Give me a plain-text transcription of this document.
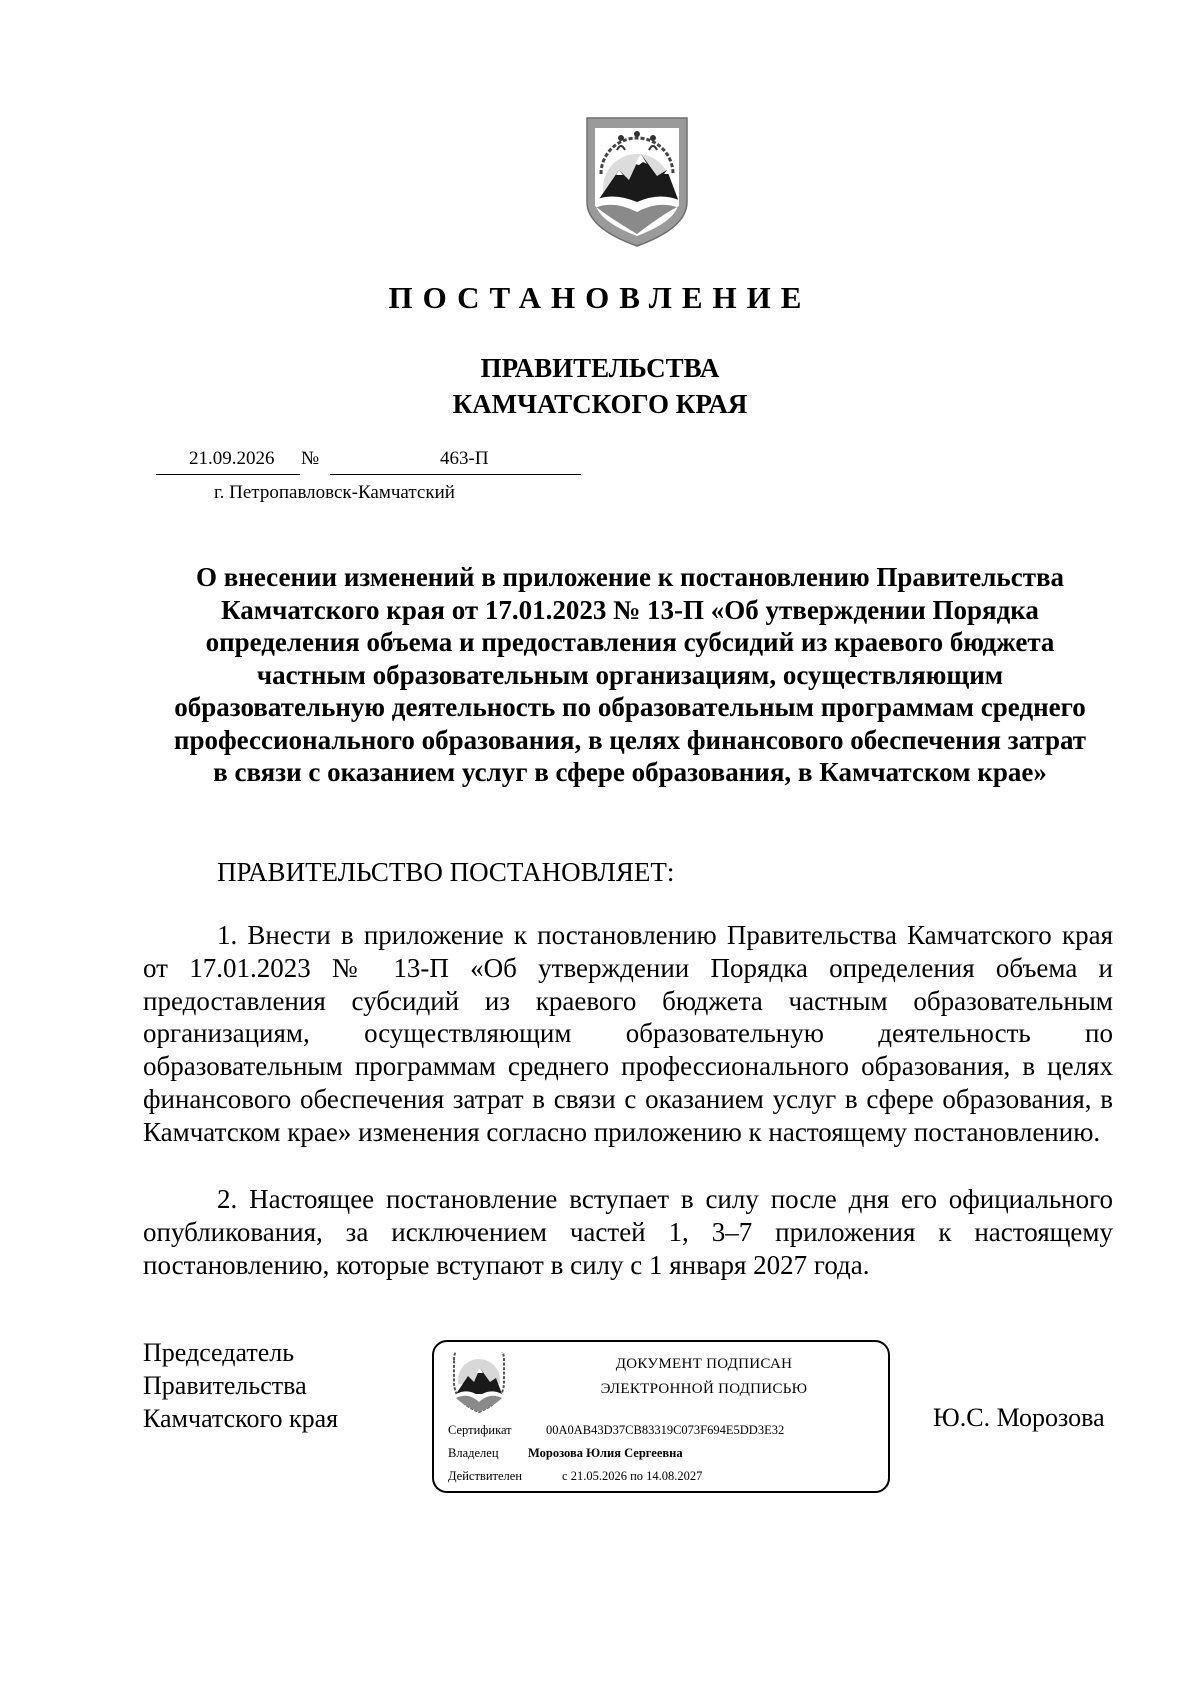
ПОСТАНОВЛЕНИЕ
ПРАВИТЕЛЬСТВА
КАМЧАТСКОГО КРАЯ
21.09.2026 №	463-П
г. Петропавловск-Камчатский
О внесении изменений в приложение к постановлению Правительства
Камчатского края от 17.01.2023 № 13-П «Об утверждении Порядка
определения объема и предоставления субсидий из краевого бюджета
частным образовательным организациям, осуществляющим
образовательную деятельность по образовательным программам среднего
профессионального образования, в целях финансового обеспечения затрат
в связи с оказанием услуг в сфере образования, в Камчатском крае»
ПРАВИТЕЛЬСТВО ПОСТАНОВЛЯЕТ:
1. Внести в приложение к постановлению Правительства Камчатского края от 17.01.2023 № 13-П «Об утверждении Порядка определения объема и предоставления субсидий из краевого бюджета частным образовательным организациям, осуществляющим образовательную деятельность по образовательным программам среднего профессионального образования, в целях финансового обеспечения затрат в связи с оказанием услуг в сфере образования, в Камчатском крае» изменения согласно приложению к настоящему постановлению.
2. Настоящее постановление вступает в силу после дня его официального опубликования, за исключением частей 1, 3–7 приложения к настоящему постановлению, которые вступают в силу с 1 января 2027 года.
Председатель
Правительства
Камчатского края
ДОКУМЕНТ ПОДПИСАН
ЭЛЕКТРОННОЙ ПОДПИСЬЮ
Сертификат	00A0AB43D37CB83319C073F694E5DD3E32
Владелец Морозова Юлия Сергеевна
Действителен	с 21.05.2026 по 14.08.2027
Ю.С. Морозова
